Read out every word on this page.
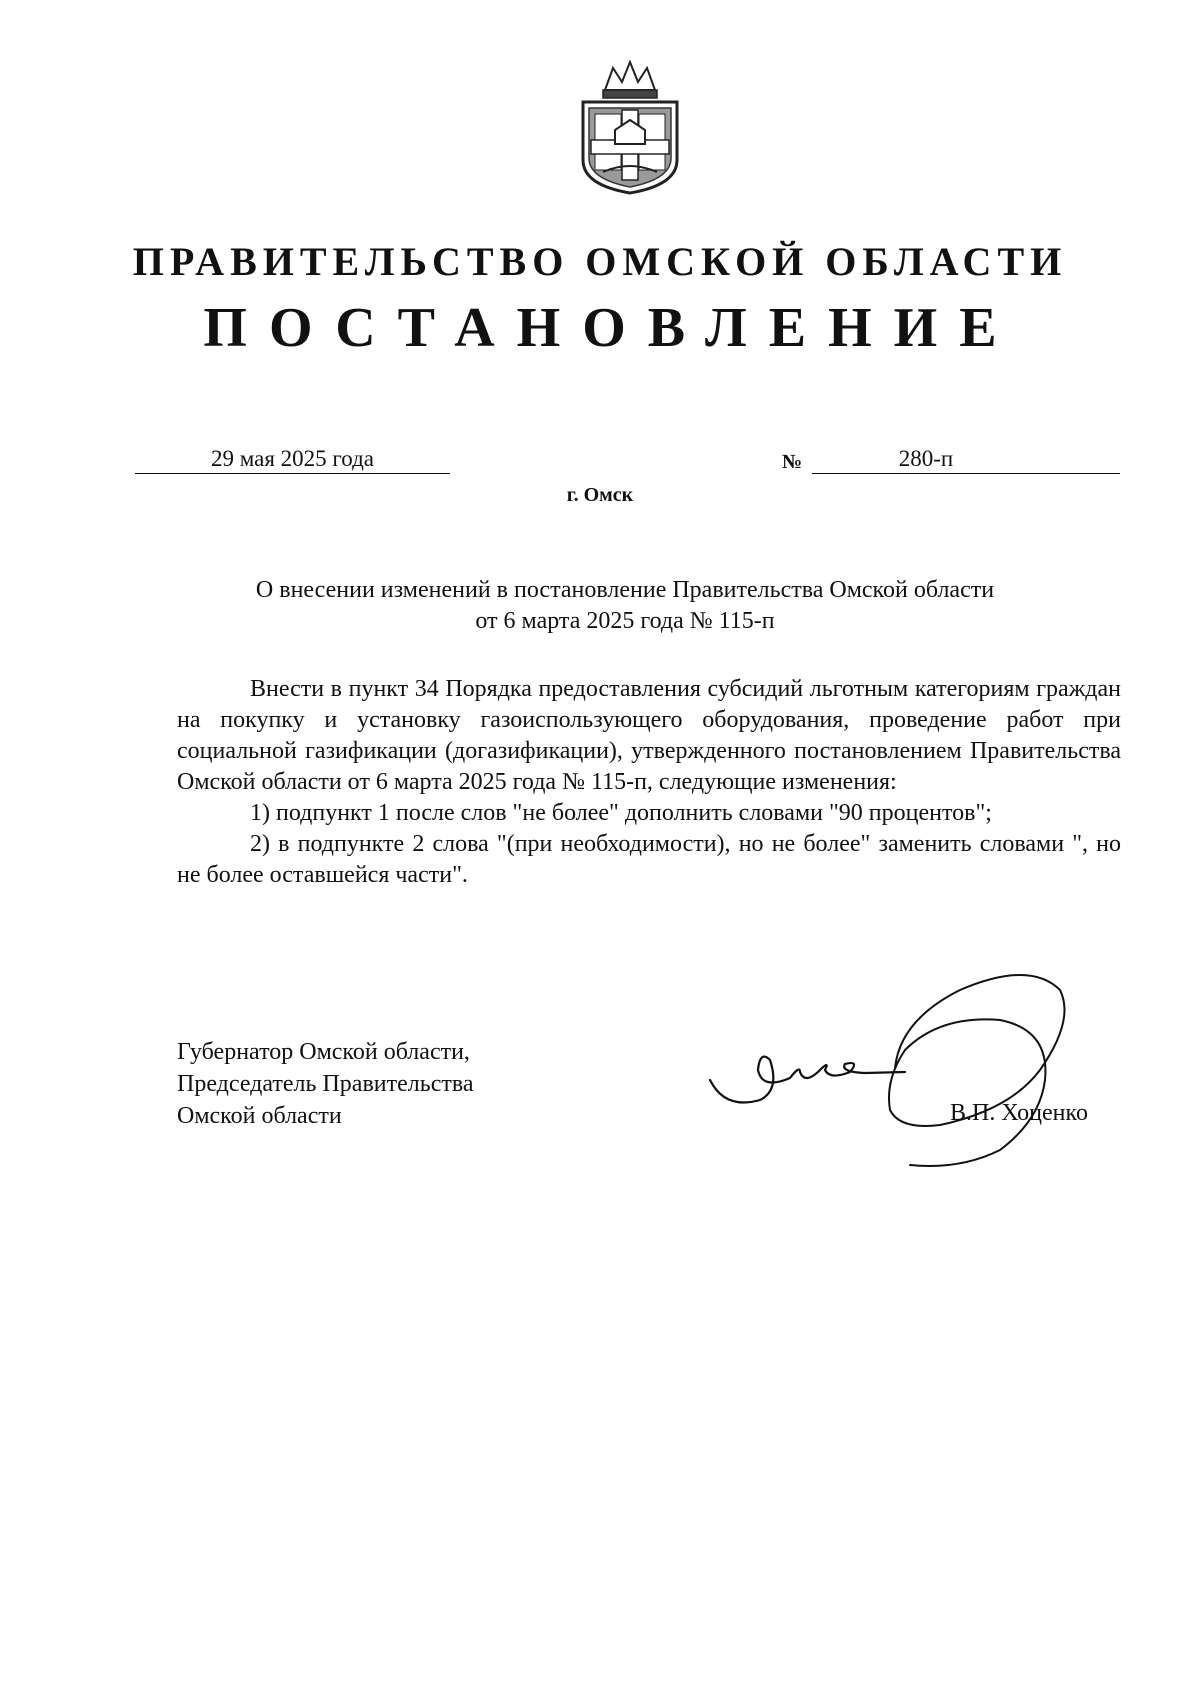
ПРАВИТЕЛЬСТВО ОМСКОЙ ОБЛАСТИ
ПОСТАНОВЛЕНИЕ
29 мая 2025 года	№	280-п
г. Омск
О внесении изменений в постановление Правительства Омской области
от 6 марта 2025 года № 115-п

Внести в пункт 34 Порядка предоставления субсидий льготным категориям граждан на покупку и установку газоиспользующего оборудования, проведение работ при социальной газификации (догазификации), утвержденного постановлением Правительства Омской области от 6 марта 2025 года № 115-п, следующие изменения:

1) подпункт 1 после слов "не более" дополнить словами "90 процентов";

2) в подпункте 2 слова "(при необходимости), но не более" заменить словами ", но не более оставшейся части".

Губернатор Омской области,
Председатель Правительства
Омской области	В.П. Хоценко
